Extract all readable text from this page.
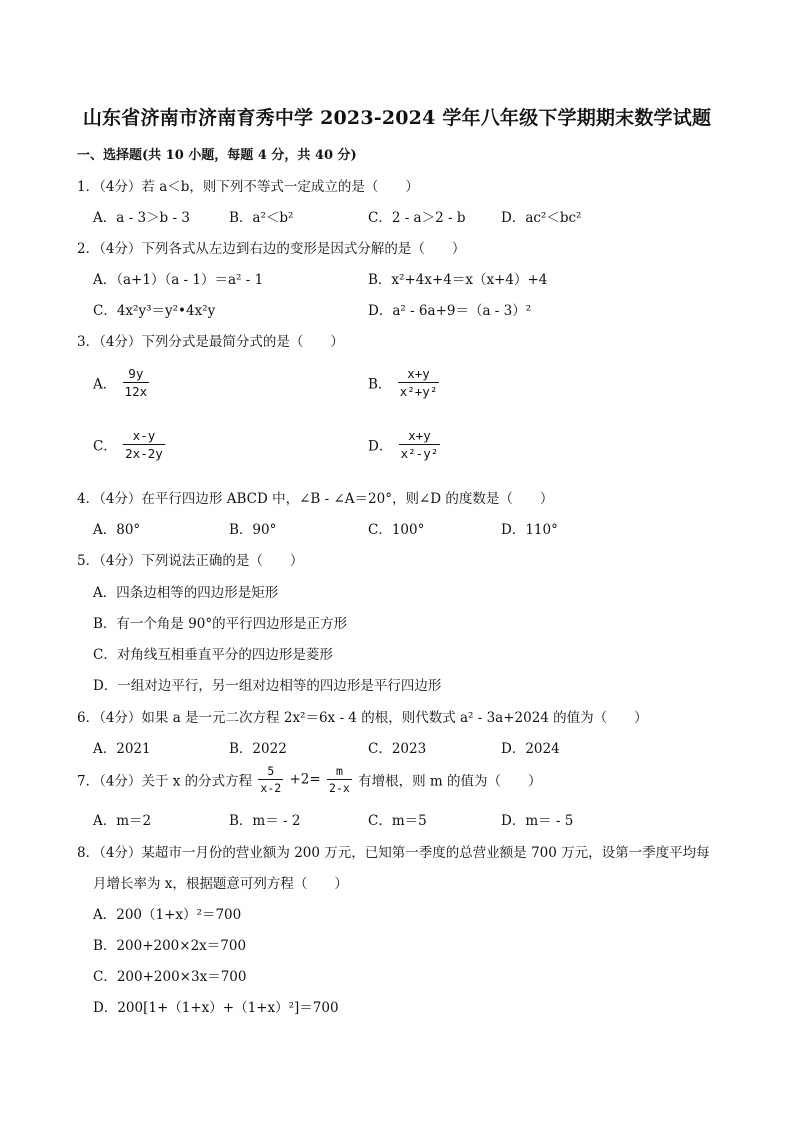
山东省济南市济南育秀中学 2023-2024 学年八年级下学期期末数学试题
一、选择题(共 10 小题，每题 4 分，共 40 分)
1．（4分）若 a＜b，则下列不等式一定成立的是（　　）
A．a - 3＞b - 3	B．a²＜b²	C．2 - a＞2 - b	D．ac²＜bc²
2．（4分）下列各式从左边到右边的变形是因式分解的是（　　）
A．（a+1）（a - 1）＝a² - 1	B．x²+4x+4＝x（x+4）+4
C．4x²y³＝y²•4x²y	D．a² - 6a+9＝（a - 3）²
3．（4分）下列分式是最简分式的是（　　）
A． $\frac{9y}{12x}$	B． $\frac{x+y}{\text{x²+y²}}$
C． $\frac{x-y}{2x-2y}$	D． $\frac{x+y}{\text{x²-y²}}$
4．（4分）在平行四边形 ABCD 中，∠B - ∠A＝20°，则∠D 的度数是（　　）
A．80°	B．90°	C．100°	D．110°
5．（4分）下列说法正确的是（　　）
A．四条边相等的四边形是矩形
B．有一个角是 90°的平行四边形是正方形
C．对角线互相垂直平分的四边形是菱形
D．一组对边平行，另一组对边相等的四边形是平行四边形
6．（4分）如果 a 是一元二次方程 2x²＝6x - 4 的根，则代数式 a² - 3a+2024 的值为（　　）
A．2021	B．2022	C．2023	D．2024
7．（4分）关于 x 的分式方程 $\frac{5}{x-2} +2= \frac{m}{2-x}$ 有增根，则 m 的值为（　　）
A．m＝2	B．m＝ - 2	C．m＝5	D．m＝ - 5
8．（4分）某超市一月份的营业额为 200 万元，已知第一季度的总营业额是 700 万元，设第一季度平均每
月增长率为 x，根据题意可列方程（　　）
A．200（1+x）²＝700
B．200+200×2x＝700
C．200+200×3x＝700
D．200[1+（1+x）+（1+x）²]＝700
